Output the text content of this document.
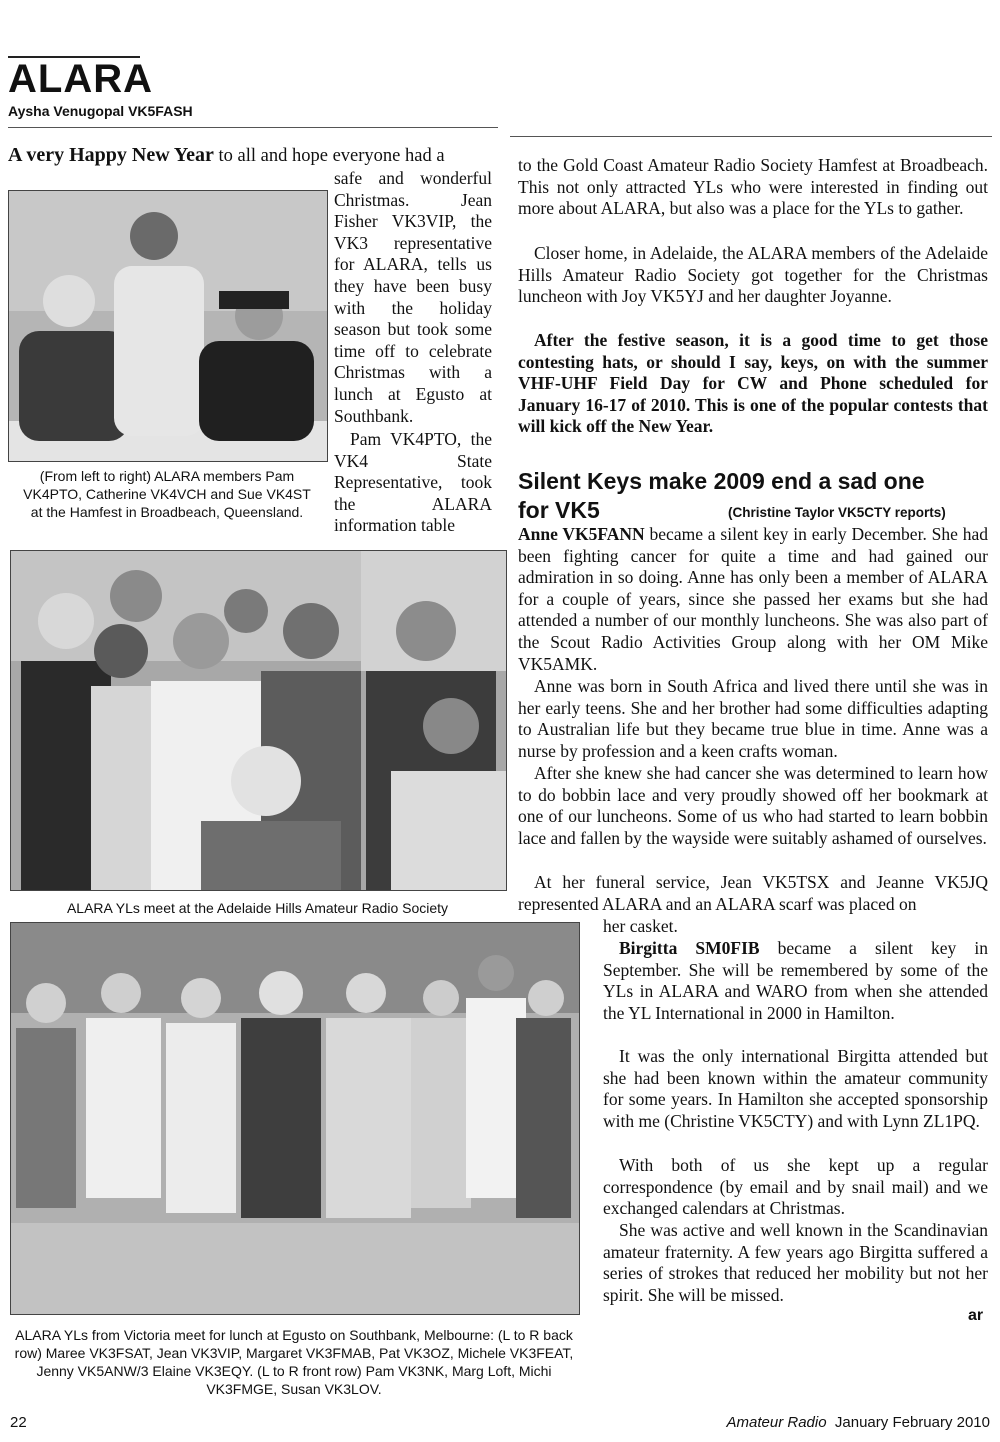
ALARA
Aysha Venugopal VK5FASH

A very Happy New Year to all and hope everyone had a

(From left to right) ALARA members Pam VK4PTO, Catherine VK4VCH and Sue VK4ST at the Hamfest in Broadbeach, Queensland.

safe and wonderful Christmas. Jean Fisher VK3VIP, the VK3 representative for ALARA, tells us they have been busy with the holiday season but took some time off to celebrate Christmas with a lunch at Egusto at Southbank.

Pam VK4PTO, the VK4 State Representative, took the ALARA information table

ALARA YLs meet at the Adelaide Hills Amateur Radio Society
ALARA YLs from Victoria meet for lunch at Egusto on Southbank, Melbourne: (L to R back row) Maree VK3FSAT, Jean VK3VIP, Margaret VK3FMAB, Pat VK3OZ, Michele VK3FEAT, Jenny VK5ANW/3 Elaine VK3EQY. (L to R front row) Pam VK3NK, Marg Loft, Michi VK3FMGE, Susan VK3LOV.

to the Gold Coast Amateur Radio Society Hamfest at Broadbeach. This not only attracted YLs who were interested in finding out more about ALARA, but also was a place for the YLs to gather.

Closer home, in Adelaide, the ALARA members of the Adelaide Hills Amateur Radio Society got together for the Christmas luncheon with Joy VK5YJ and her daughter Joyanne.

After the festive season, it is a good time to get those contesting hats, or should I say, keys, on with the summer VHF-UHF Field Day for CW and Phone scheduled for January 16-17 of 2010. This is one of the popular contests that will kick off the New Year.

Silent Keys make 2009 end a sad one
for VK5	(Christine Taylor VK5CTY reports)

Anne VK5FANN became a silent key in early December. She had been fighting cancer for quite a time and had gained our admiration in so doing. Anne has only been a member of ALARA for a couple of years, since she passed her exams but she had attended a number of our monthly luncheons. She was also part of the Scout Radio Activities Group along with her OM Mike VK5AMK.

Anne was born in South Africa and lived there until she was in her early teens. She and her brother had some difficulties adapting to Australian life but they became true blue in time. Anne was a nurse by profession and a keen crafts woman.

After she knew she had cancer she was determined to learn how to do bobbin lace and very proudly showed off her bookmark at one of our luncheons. Some of us who had started to learn bobbin lace and fallen by the wayside were suitably ashamed of ourselves.

At her funeral service, Jean VK5TSX and Jeanne VK5JQ represented ALARA and an ALARA scarf was placed on

her casket.

Birgitta SM0FIB became a silent key in September. She will be remembered by some of the YLs in ALARA and WARO from when she attended the YL International in 2000 in Hamilton.

It was the only international Birgitta attended but she had been known within the amateur community for some years. In Hamilton she accepted sponsorship with me (Christine VK5CTY) and with Lynn ZL1PQ.

With both of us she kept up a regular correspondence (by email and by snail mail) and we exchanged calendars at Christmas.

She was active and well known in the Scandinavian amateur fraternity. A few years ago Birgitta suffered a series of strokes that reduced her mobility but not her spirit. She will be missed.

ar
22	Amateur Radio January February 2010
